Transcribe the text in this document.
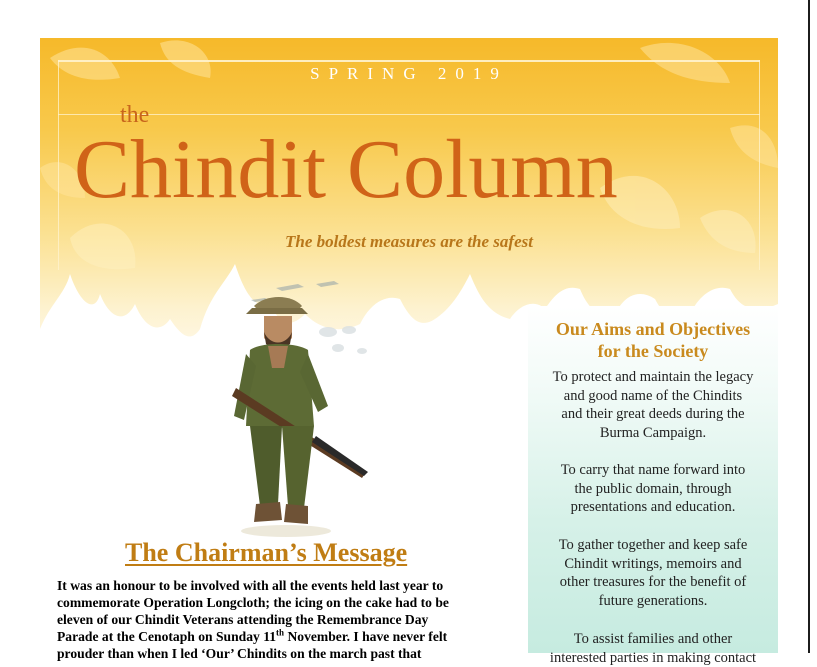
SPRING 2019
the
Chindit Column
The boldest measures are the safest
Our Aims and Objectives
for the Society
To protect and maintain the legacy
and good name of the Chindits
and their great deeds during the
Burma Campaign.
To carry that name forward into
the public domain, through
presentations and education.
To gather together and keep safe
Chindit writings, memoirs and
other treasures for the benefit of
future generations.
To assist families and other
interested parties in making contact
The Chairman’s Message
It was an honour to be involved with all the events held last year to
commemorate Operation Longcloth; the icing on the cake had to be
eleven of our Chindit Veterans attending the Remembrance Day
Parade at the Cenotaph on Sunday 11th November. I have never felt
prouder than when I led ‘Our’ Chindits on the march past that
